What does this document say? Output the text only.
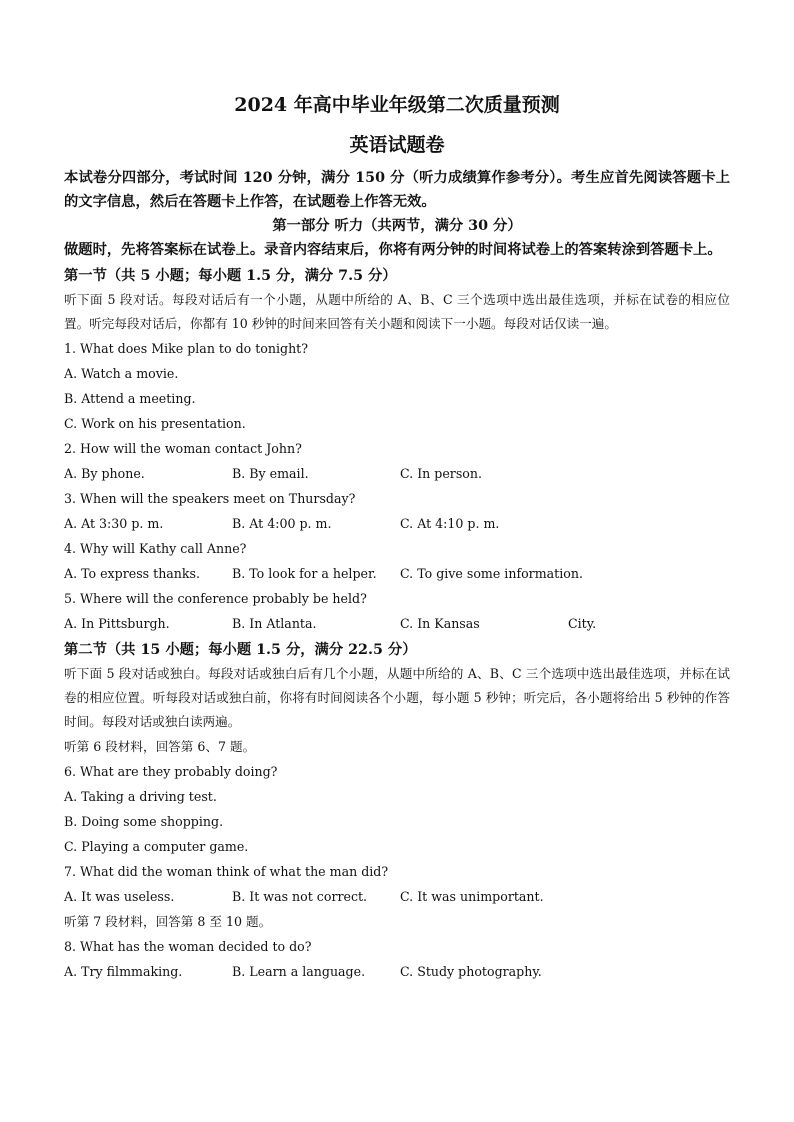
2024 年高中毕业年级第二次质量预测

英语试题卷

本试卷分四部分，考试时间 120 分钟，满分 150 分（听力成绩算作参考分）。考生应首先阅读答题卡上的文字信息，然后在答题卡上作答，在试题卷上作答无效。

第一部分 听力（共两节，满分 30 分）

做题时，先将答案标在试卷上。录音内容结束后，你将有两分钟的时间将试卷上的答案转涂到答题卡上。

第一节（共 5 小题；每小题 1.5 分，满分 7.5 分）

听下面 5 段对话。每段对话后有一个小题，从题中所给的 A、B、C 三个选项中选出最佳选项，并标在试卷的相应位置。听完每段对话后，你都有 10 秒钟的时间来回答有关小题和阅读下一小题。每段对话仅读一遍。

1. What does Mike plan to do tonight?

A. Watch a movie.

B. Attend a meeting.

C. Work on his presentation.

2. How will the woman contact John?

A. By phone.	B. By email.	C. In person.

3. When will the speakers meet on Thursday?

A. At 3:30 p. m.	B. At 4:00 p. m.	C. At 4:10 p. m.

4. Why will Kathy call Anne?

A. To express thanks.	B. To look for a helper. C. To give some information.

5. Where will the conference probably be held?

A. In Pittsburgh.	B. In Atlanta.	C. In Kansas	City.

第二节（共 15 小题；每小题 1.5 分，满分 22.5 分）

听下面 5 段对话或独白。每段对话或独白后有几个小题，从题中所给的 A、B、C 三个选项中选出最佳选项，并标在试卷的相应位置。听每段对话或独白前，你将有时间阅读各个小题，每小题 5 秒钟；听完后，各小题将给出 5 秒钟的作答时间。每段对话或独白读两遍。

听第 6 段材料，回答第 6、7 题。

6. What are they probably doing?

A. Taking a driving test.

B. Doing some shopping.

C. Playing a computer game.

7. What did the woman think of what the man did?

A. It was useless.	B. It was not correct.	C. It was unimportant.

听第 7 段材料，回答第 8 至 10 题。

8. What has the woman decided to do?

A. Try filmmaking.	B. Learn a language.	C. Study photography.
